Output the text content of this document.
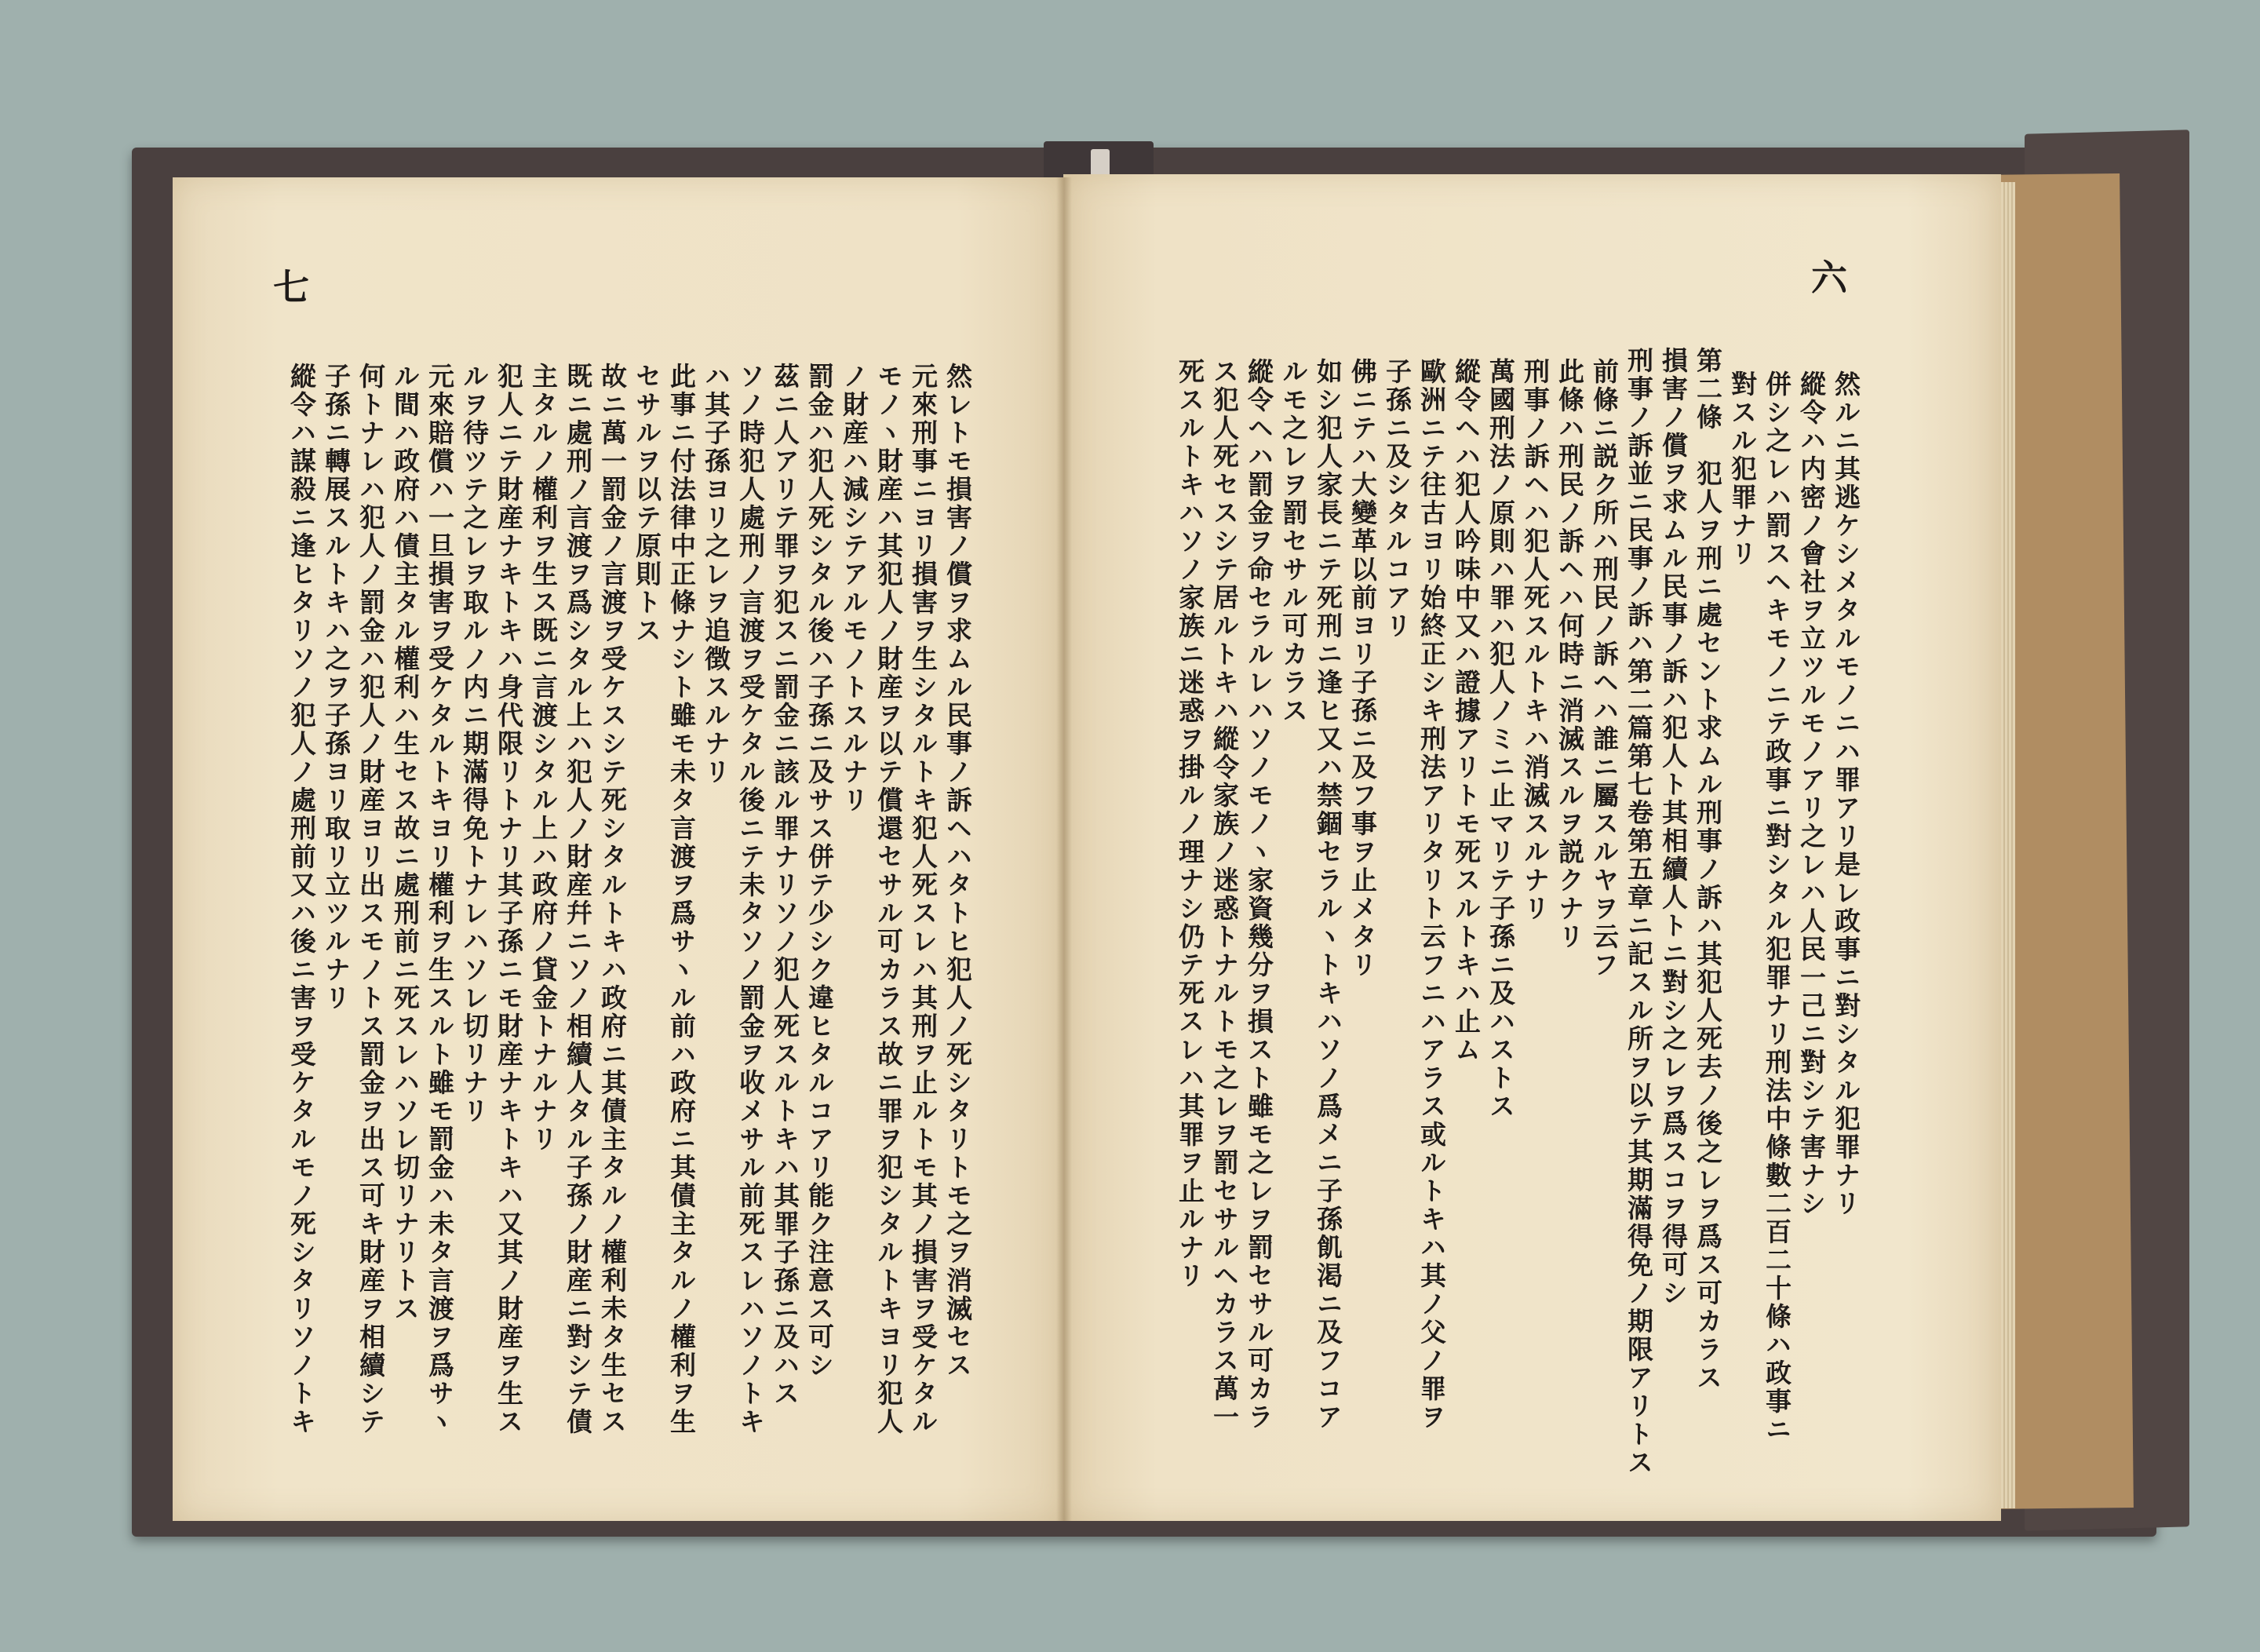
七	六
然ルニ其逃ケシメタルモノニハ罪アリ是レ政事ニ對シタル犯罪ナリ
縱令ハ内密ノ會社ヲ立ツルモノアリ之レハ人民一己ニ對シテ害ナシ
併シ之レハ罰スヘキモノニテ政事ニ對シタル犯罪ナリ刑法中條數二百二十條ハ政事ニ
對スル犯罪ナリ
第二條　犯人ヲ刑ニ處セント求ムル刑事ノ訴ハ其犯人死去ノ後之レヲ爲ス可カラス
損害ノ償ヲ求ムル民事ノ訴ハ犯人ト其相續人トニ對シ之レヲ爲スコヲ得可シ
刑事ノ訴並ニ民事ノ訴ハ第二篇第七卷第五章ニ記スル所ヲ以テ其期滿得免ノ期限アリトス
前條ニ説ク所ハ刑民ノ訴ヘハ誰ニ屬スルヤヲ云フ
此條ハ刑民ノ訴ヘハ何時ニ消滅スルヲ説クナリ
刑事ノ訴ヘハ犯人死スルトキハ消滅スルナリ
萬國刑法ノ原則ハ罪ハ犯人ノミニ止マリテ子孫ニ及ハストス
縱令ヘハ犯人吟味中又ハ證據アリトモ死スルトキハ止ム
歐洲ニテ往古ヨリ始終正シキ刑法アリタリト云フニハアラス或ルトキハ其ノ父ノ罪ヲ
子孫ニ及シタルコアリ
佛ニテハ大變革以前ヨリ子孫ニ及フ事ヲ止メタリ
如シ犯人家長ニテ死刑ニ逢ヒ又ハ禁錮セラルヽトキハソノ爲メニ子孫飢渇ニ及フコア
ルモ之レヲ罰セサル可カラス
縱令ヘハ罰金ヲ命セラルレハソノモノヽ家資幾分ヲ損スト雖モ之レヲ罰セサル可カラ
ス犯人死セスシテ居ルトキハ縱令家族ノ迷惑トナルトモ之レヲ罰セサルヘカラス萬一
死スルトキハソノ家族ニ迷惑ヲ掛ルノ理ナシ仍テ死スレハ其罪ヲ止ルナリ
然レトモ損害ノ償ヲ求ムル民事ノ訴ヘハタトヒ犯人ノ死シタリトモ之ヲ消滅セス
元來刑事ニヨリ損害ヲ生シタルトキ犯人死スレハ其刑ヲ止ルトモ其ノ損害ヲ受ケタル
モノヽ財産ハ其犯人ノ財産ヲ以テ償還セサル可カラス故ニ罪ヲ犯シタルトキヨリ犯人
ノ財産ハ減シテアルモノトスルナリ
罰金ハ犯人死シタル後ハ子孫ニ及サス併テ少シク違ヒタルコアリ能ク注意ス可シ
茲ニ人アリテ罪ヲ犯スニ罰金ニ該ル罪ナリソノ犯人死スルトキハ其罪子孫ニ及ハス
ソノ時犯人處刑ノ言渡ヲ受ケタル後ニテ未タソノ罰金ヲ收メサル前死スレハソノトキ
ハ其子孫ヨリ之レヲ追徴スルナリ
此事ニ付法律中正條ナシト雖モ未タ言渡ヲ爲サヽル前ハ政府ニ其債主タルノ權利ヲ生
セサルヲ以テ原則トス
故ニ萬一罰金ノ言渡ヲ受ケスシテ死シタルトキハ政府ニ其債主タルノ權利未タ生セス
既ニ處刑ノ言渡ヲ爲シタル上ハ犯人ノ財産幷ニソノ相續人タル子孫ノ財産ニ對シテ債
主タルノ權利ヲ生ス既ニ言渡シタル上ハ政府ノ貸金トナルナリ
犯人ニテ財産ナキトキハ身代限リトナリ其子孫ニモ財産ナキトキハ又其ノ財産ヲ生ス
ルヲ待ツテ之レヲ取ルノ内ニ期滿得免トナレハソレ切リナリ
元來賠償ハ一旦損害ヲ受ケタルトキヨリ權利ヲ生スルト雖モ罰金ハ未タ言渡ヲ爲サヽ
ル間ハ政府ハ債主タル權利ハ生セス故ニ處刑前ニ死スレハソレ切リナリトス
何トナレハ犯人ノ罰金ハ犯人ノ財産ヨリ出スモノトス罰金ヲ出ス可キ財産ヲ相續シテ
子孫ニ轉展スルトキハ之ヲ子孫ヨリ取リ立ツルナリ
縱令ハ謀殺ニ逢ヒタリソノ犯人ノ處刑前又ハ後ニ害ヲ受ケタルモノ死シタリソノトキ
